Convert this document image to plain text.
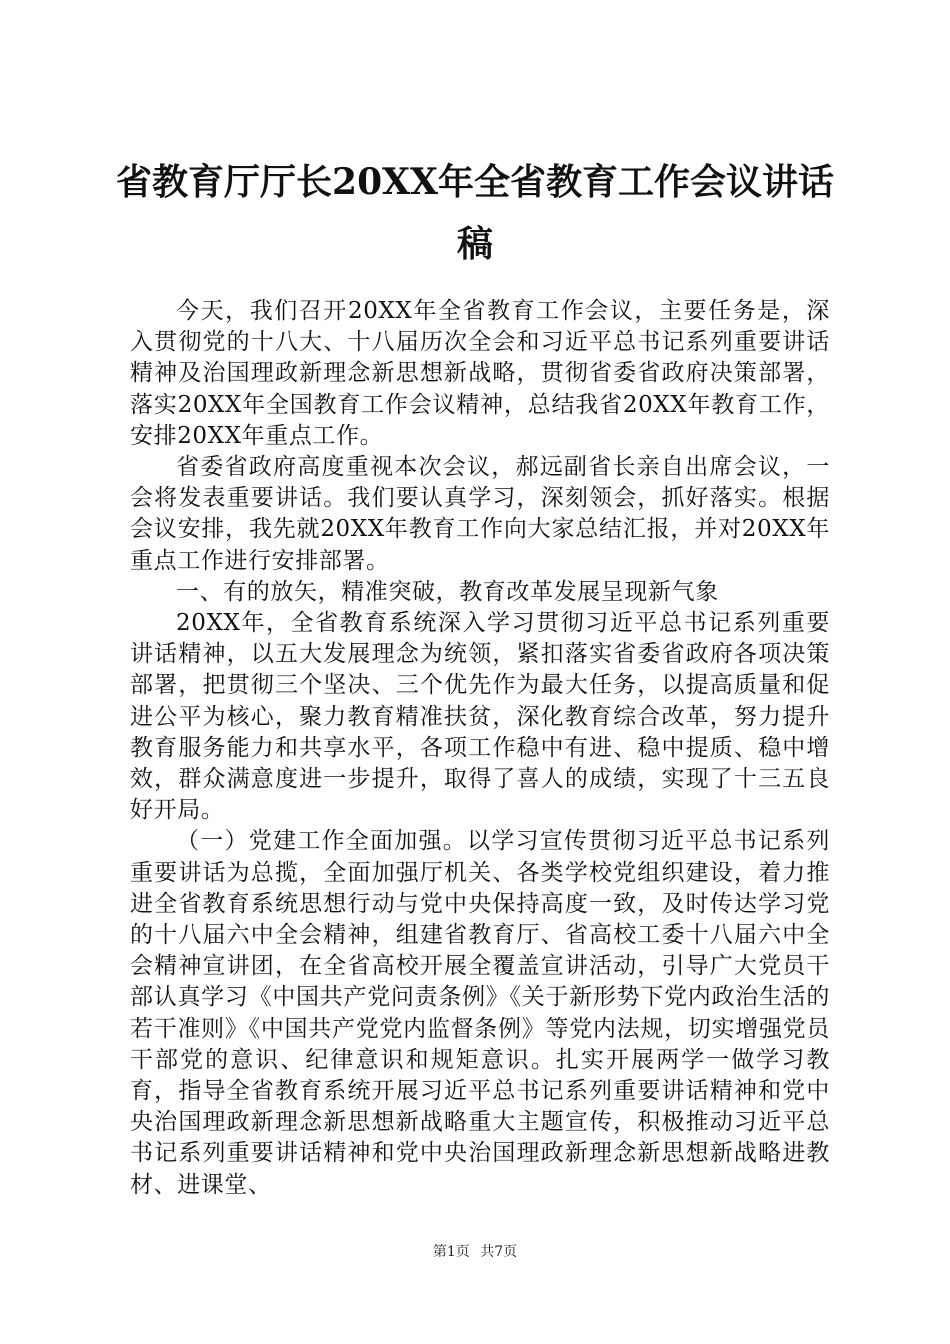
省教育厅厅长20XX年全省教育工作会议讲话
稿

今天，我们召开20XX年全省教育工作会议，主要任务是，深入贯彻党的十八大、十八届历次全会和习近平总书记系列重要讲话精神及治国理政新理念新思想新战略，贯彻省委省政府决策部署，落实20XX年全国教育工作会议精神，总结我省20XX年教育工作，安排20XX年重点工作。

省委省政府高度重视本次会议，郝远副省长亲自出席会议，一会将发表重要讲话。我们要认真学习，深刻领会，抓好落实。根据会议安排，我先就20XX年教育工作向大家总结汇报，并对20XX年重点工作进行安排部署。

一、有的放矢，精准突破，教育改革发展呈现新气象

20XX年，全省教育系统深入学习贯彻习近平总书记系列重要讲话精神，以五大发展理念为统领，紧扣落实省委省政府各项决策部署，把贯彻三个坚决、三个优先作为最大任务，以提高质量和促进公平为核心，聚力教育精准扶贫，深化教育综合改革，努力提升教育服务能力和共享水平，各项工作稳中有进、稳中提质、稳中增效，群众满意度进一步提升，取得了喜人的成绩，实现了十三五良好开局。

（一）党建工作全面加强。以学习宣传贯彻习近平总书记系列重要讲话为总揽，全面加强厅机关、各类学校党组织建设，着力推进全省教育系统思想行动与党中央保持高度一致，及时传达学习党的十八届六中全会精神，组建省教育厅、省高校工委十八届六中全会精神宣讲团，在全省高校开展全覆盖宣讲活动，引导广大党员干部认真学习《中国共产党问责条例》《关于新形势下党内政治生活的若干准则》《中国共产党党内监督条例》等党内法规，切实增强党员干部党的意识、纪律意识和规矩意识。扎实开展两学一做学习教育，指导全省教育系统开展习近平总书记系列重要讲话精神和党中央治国理政新理念新思想新战略重大主题宣传，积极推动习近平总书记系列重要讲话精神和党中央治国理政新理念新思想新战略进教材、进课堂、

第1页 共7页
